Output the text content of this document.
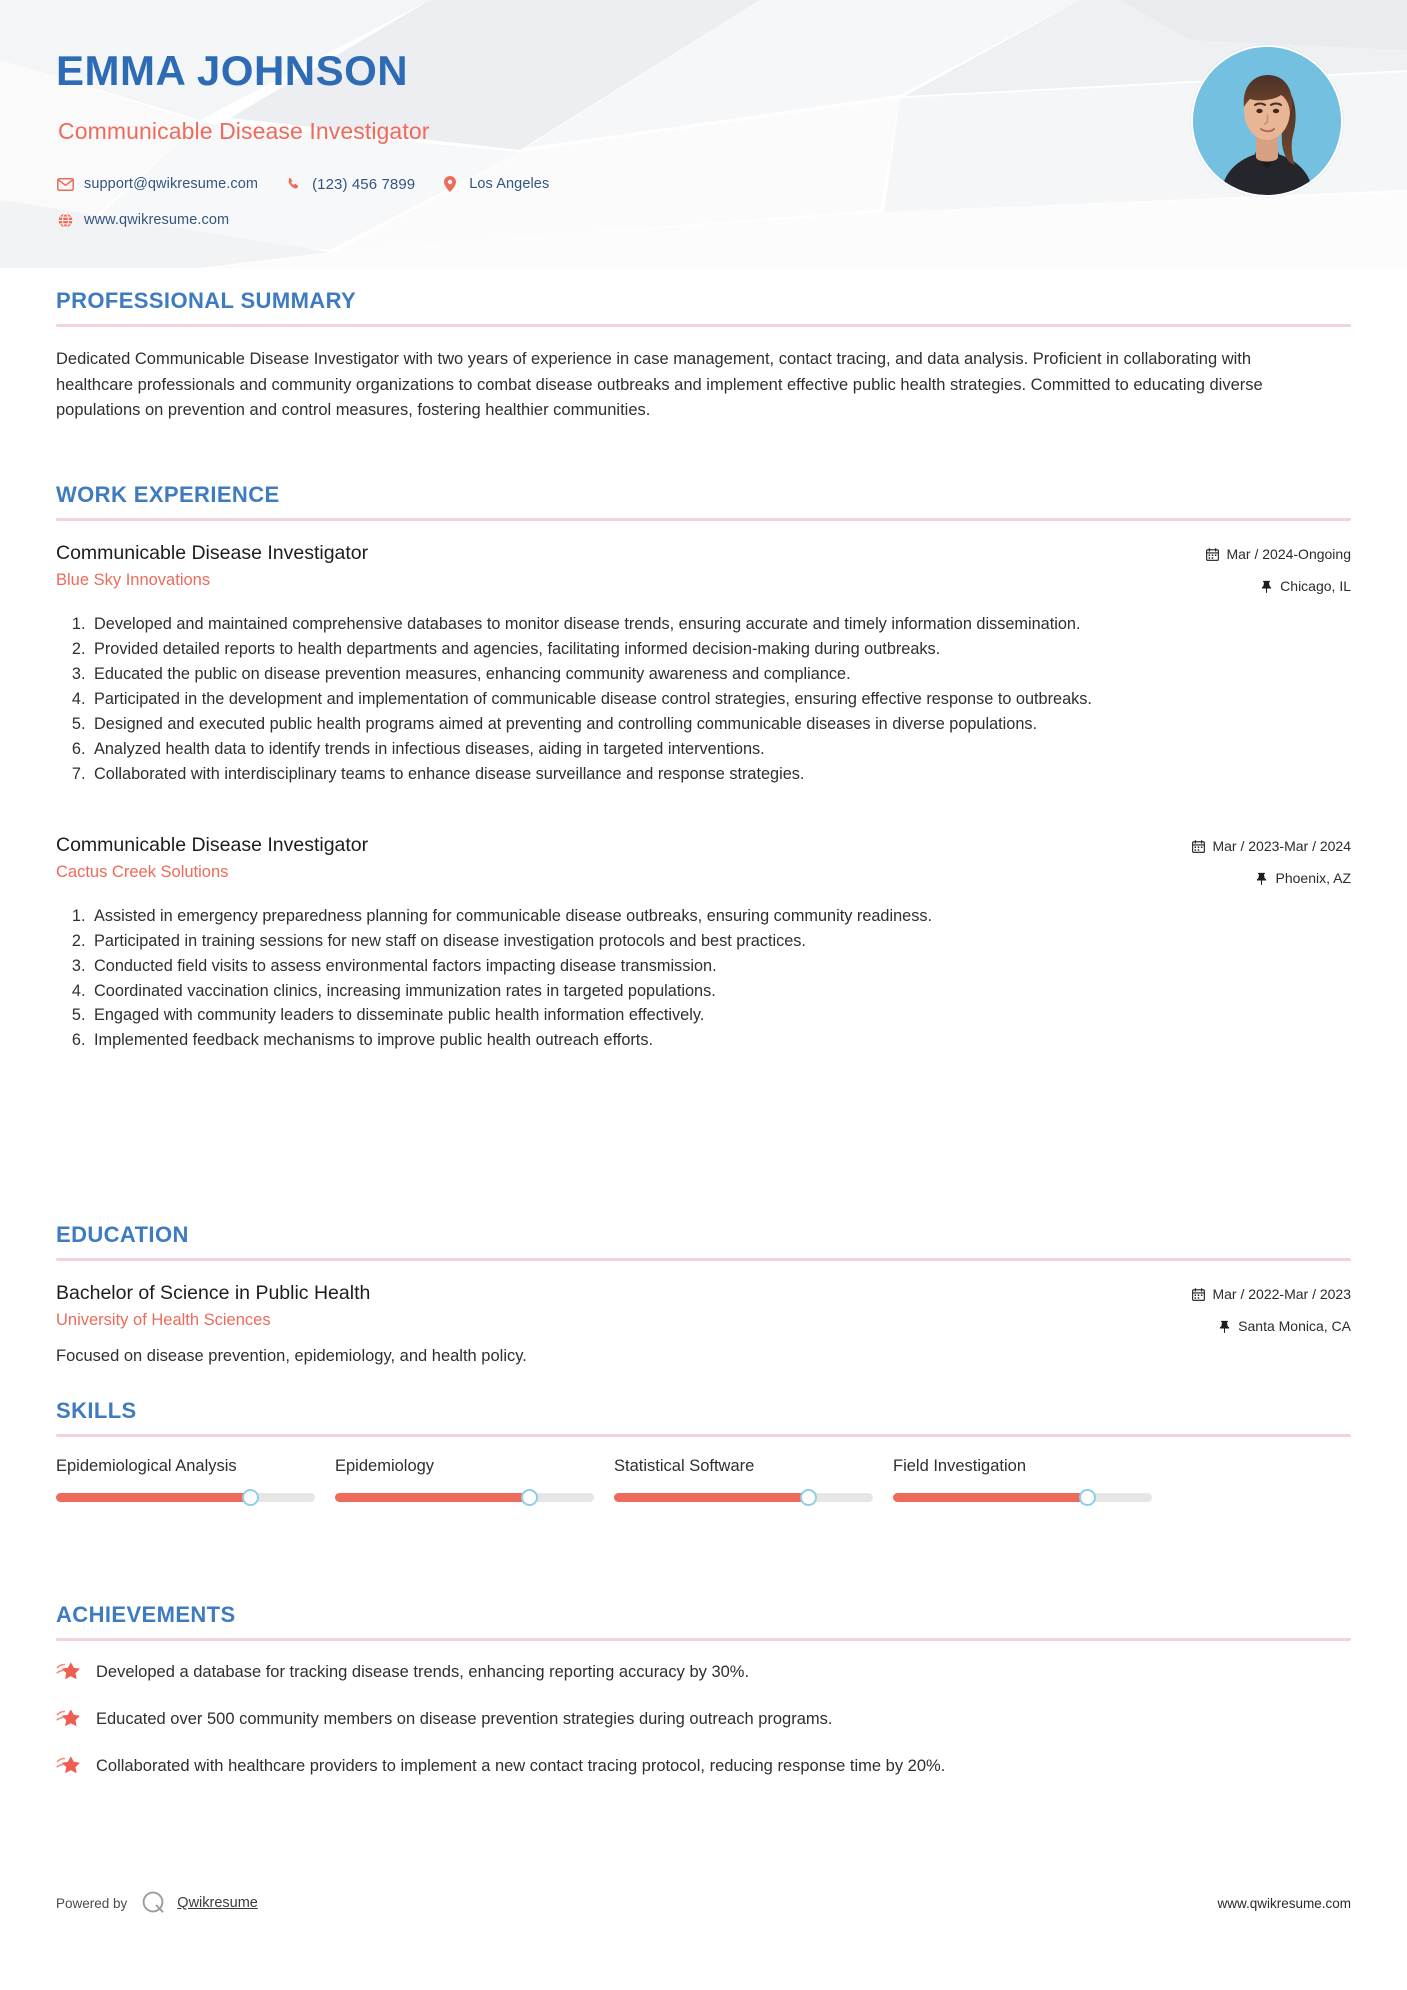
EMMA JOHNSON
Communicable Disease Investigator
support@qwikresume.com	(123) 456 7899	Los Angeles
www.qwikresume.com
PROFESSIONAL SUMMARY

Dedicated Communicable Disease Investigator with two years of experience in case management, contact tracing, and data analysis. Proficient in collaborating with healthcare professionals and community organizations to combat disease outbreaks and implement effective public health strategies. Committed to educating diverse populations on prevention and control measures, fostering healthier communities.

WORK EXPERIENCE
Communicable Disease Investigator
Blue Sky Innovations
Mar / 2024-Ongoing
Chicago, IL
1. Developed and maintained comprehensive databases to monitor disease trends, ensuring accurate and timely information dissemination.
2. Provided detailed reports to health departments and agencies, facilitating informed decision-making during outbreaks.
3. Educated the public on disease prevention measures, enhancing community awareness and compliance.
4. Participated in the development and implementation of communicable disease control strategies, ensuring effective response to outbreaks.
5. Designed and executed public health programs aimed at preventing and controlling communicable diseases in diverse populations.
6. Analyzed health data to identify trends in infectious diseases, aiding in targeted interventions.
7. Collaborated with interdisciplinary teams to enhance disease surveillance and response strategies.
Communicable Disease Investigator
Cactus Creek Solutions
Mar / 2023-Mar / 2024
Phoenix, AZ
1. Assisted in emergency preparedness planning for communicable disease outbreaks, ensuring community readiness.
2. Participated in training sessions for new staff on disease investigation protocols and best practices.
3. Conducted field visits to assess environmental factors impacting disease transmission.
4. Coordinated vaccination clinics, increasing immunization rates in targeted populations.
5. Engaged with community leaders to disseminate public health information effectively.
6. Implemented feedback mechanisms to improve public health outreach efforts.
EDUCATION
Bachelor of Science in Public Health
University of Health Sciences
Mar / 2022-Mar / 2023
Santa Monica, CA
Focused on disease prevention, epidemiology, and health policy.
SKILLS
Epidemiological Analysis	Epidemiology	Statistical Software	Field Investigation
ACHIEVEMENTS
Developed a database for tracking disease trends, enhancing reporting accuracy by 30%.
Educated over 500 community members on disease prevention strategies during outreach programs.
Collaborated with healthcare providers to implement a new contact tracing protocol, reducing response time by 20%.
Powered by	Qwikresume	www.qwikresume.com
